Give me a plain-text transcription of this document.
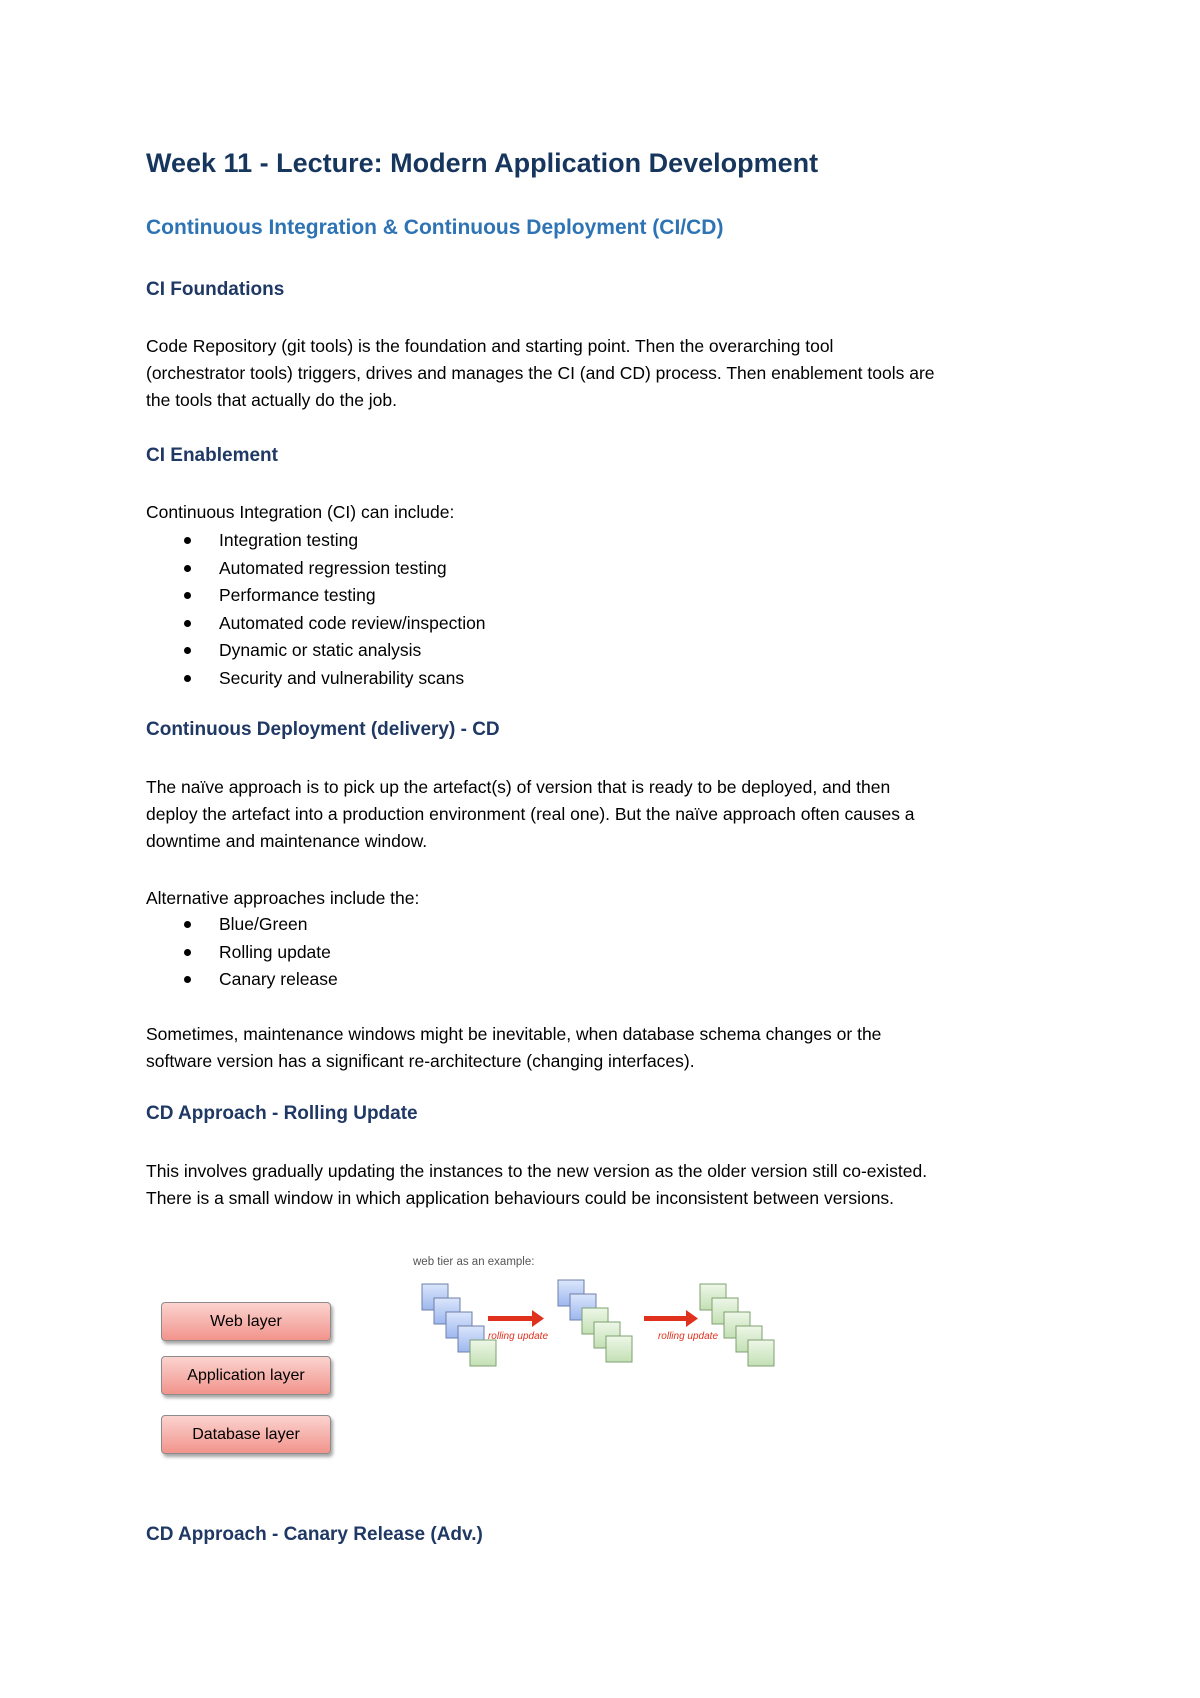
Week 11 - Lecture: Modern Application Development
Continuous Integration & Continuous Deployment (CI/CD)
CI Foundations
Code Repository (git tools) is the foundation and starting point. Then the overarching tool
(orchestrator tools) triggers, drives and manages the CI (and CD) process. Then enablement tools are
the tools that actually do the job.
CI Enablement
Continuous Integration (CI) can include:
Integration testing
Automated regression testing
Performance testing
Automated code review/inspection
Dynamic or static analysis
Security and vulnerability scans
Continuous Deployment (delivery) - CD
The naïve approach is to pick up the artefact(s) of version that is ready to be deployed, and then
deploy the artefact into a production environment (real one). But the naïve approach often causes a
downtime and maintenance window.
Alternative approaches include the:
Blue/Green
Rolling update
Canary release
Sometimes, maintenance windows might be inevitable, when database schema changes or the
software version has a significant re-architecture (changing interfaces).
CD Approach - Rolling Update
This involves gradually updating the instances to the new version as the older version still co-existed.
There is a small window in which application behaviours could be inconsistent between versions.
CD Approach - Canary Release (Adv.)
Web layer
Application layer
Database layer
web tier as an example:
rolling update	rolling update
